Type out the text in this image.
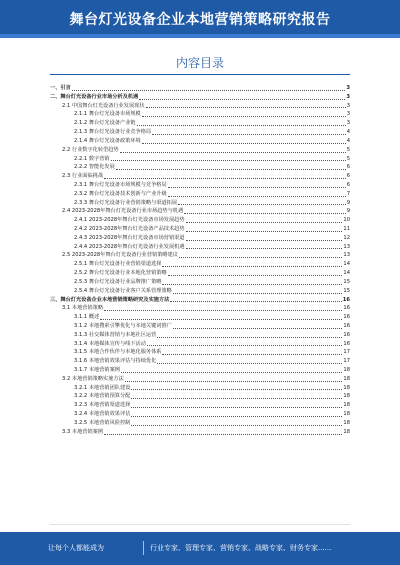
舞台灯光设备企业本地营销策略研究报告
内容目录
一、引言	3
二、舞台灯光设备行业市场分析及机遇	3
2.1 中国舞台灯光设备行业发展现状	3
2.1.1 舞台灯光设备市场规模	3
2.1.2 舞台灯光设备产业链	3
2.1.3 舞台灯光设备行业竞争格局	4
2.1.4 舞台灯光设备政策环境	4
2.2 行业数字化转型趋势	5
2.2.1 数字营销	5
2.2.2 智能化发展	6
2.3 行业面临挑战	6
2.3.1 舞台灯光设备市场规模与竞争格局	6
2.3.2 舞台灯光设备技术创新与产业升级	7
2.3.3 舞台灯光设备行业营销策略与渠道拓展	9
2.4 2023-2028年舞台灯光设备行业市场趋势与机遇	9
2.4.1 2023-2028年舞台灯光设备市场发展趋势	10
2.4.2 2023-2028年舞台灯光设备产品技术趋势	11
2.4.3 2023-2028年舞台灯光设备市场营销渠道	12
2.4.4 2023-2028年舞台灯光设备行业发展机遇	13
2.5 2023-2028年舞台灯光设备行业营销策略建议	13
2.5.1 舞台灯光设备行业营销渠道选择	14
2.5.2 舞台灯光设备行业本地化营销策略	14
2.5.3 舞台灯光设备行业品牌推广策略	15
2.5.4 舞台灯光设备行业客户关系管理策略	15
三、舞台灯光设备企业本地营销策略研究及实施方法	16
3.1 本地营销策略	16
3.1.1 概述	16
3.1.2 本地搜索引擎优化与本地关键词推广	16
3.1.3 社交媒体营销与本地社区运营	16
3.1.4 本地媒体宣传与线下活动	16
3.1.5 本地合作伙伴与本地化服务体系	17
3.1.6 本地营销效果评估与持续优化	17
3.1.7 本地营销案例	18
3.2 本地营销策略实施方法	18
3.2.1 本地营销团队建设	18
3.2.2 本地营销预算分配	18
3.2.3 本地营销渠道选择	18
3.2.4 本地营销效果评估	18
3.2.5 本地营销风险控制	18
3.3 本地营销案例	18
让每个人都能成为	行业专家、管理专家、营销专家、战略专家、财务专家......
